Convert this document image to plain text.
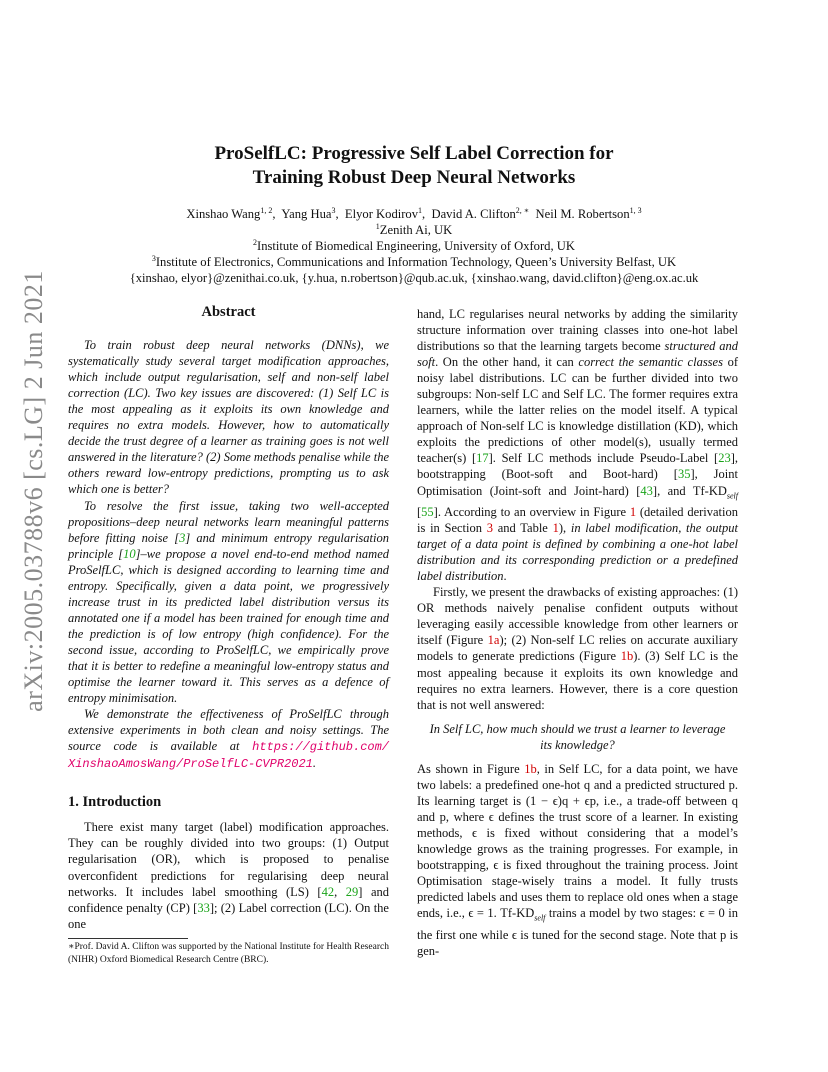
arXiv:2005.03788v6 [cs.LG] 2 Jun 2021
ProSelfLC: Progressive Self Label Correction for
Training Robust Deep Neural Networks
Xinshao Wang$^{1, 2}$,  Yang Hua$^3$,  Elyor Kodirov$^1$,  David A. Clifton$^{2, ∗}$ Neil M. Robertson$^{1, 3}$
$^1$Zenith Ai, UK
$^2$Institute of Biomedical Engineering, University of Oxford, UK
$^3$Institute of Electronics, Communications and Information Technology, Queen’s University Belfast, UK
{xinshao, elyor}@zenithai.co.uk, {y.hua, n.robertson}@qub.ac.uk, {xinshao.wang, david.clifton}@eng.ox.ac.uk
Abstract

To train robust deep neural networks (DNNs), we systematically study several target modification approaches, which include output regularisation, self and non-self label correction (LC). Two key issues are discovered: (1) Self LC is the most appealing as it exploits its own knowledge and requires no extra models. However, how to automatically decide the trust degree of a learner as training goes is not well answered in the literature? (2) Some methods penalise while the others reward low-entropy predictions, prompting us to ask which one is better?

To resolve the first issue, taking two well-accepted propositions–deep neural networks learn meaningful patterns before fitting noise [3] and minimum entropy regularisation principle [10]–we propose a novel end-to-end method named ProSelfLC, which is designed according to learning time and entropy. Specifically, given a data point, we progressively increase trust in its predicted label distribution versus its annotated one if a model has been trained for enough time and the prediction is of low entropy (high confidence). For the second issue, according to ProSelfLC, we empirically prove that it is better to redefine a meaningful low-entropy status and optimise the learner toward it. This serves as a defence of entropy minimisation.

We demonstrate the effectiveness of ProSelfLC through extensive experiments in both clean and noisy settings. The source code is available at https://github.com/ XinshaoAmosWang/ProSelfLC-CVPR2021.

1. Introduction

There exist many target (label) modification approaches. They can be roughly divided into two groups: (1) Output regularisation (OR), which is proposed to penalise overconfident predictions for regularising deep neural networks. It includes label smoothing (LS) [42, 29] and confidence penalty (CP) [33]; (2) Label correction (LC). On the one

∗Prof. David A. Clifton was supported by the National Institute for Health Research (NIHR) Oxford Biomedical Research Centre (BRC).

hand, LC regularises neural networks by adding the similarity structure information over training classes into one-hot label distributions so that the learning targets become structured and soft. On the other hand, it can correct the semantic classes of noisy label distributions. LC can be further divided into two subgroups: Non-self LC and Self LC. The former requires extra learners, while the latter relies on the model itself. A typical approach of Non-self LC is knowledge distillation (KD), which exploits the predictions of other model(s), usually termed teacher(s) [17]. Self LC methods include Pseudo-Label [23], bootstrapping (Boot-soft and Boot-hard) [35], Joint Optimisation (Joint-soft and Joint-hard) [43], and $Tf-KD_{self}$ [55]. According to an overview in Figure 1 (detailed derivation is in Section 3 and Table 1), in label modification, the output target of a data point is defined by combining a one-hot label distribution and its corresponding prediction or a predefined label distribution.

Firstly, we present the drawbacks of existing approaches: (1) OR methods naively penalise confident outputs without leveraging easily accessible knowledge from other learners or itself (Figure 1a); (2) Non-self LC relies on accurate auxiliary models to generate predictions (Figure 1b). (3) Self LC is the most appealing because it exploits its own knowledge and requires no extra learners. However, there is a core question that is not well answered:

In Self LC, how much should we trust a learner to leverage its knowledge?

As shown in Figure 1b, in Self LC, for a data point, we have two labels: a predefined one-hot q and a predicted structured p. Its learning target is (1 − ϵ)q + ϵp, i.e., a trade-off between q and p, where ϵ defines the trust score of a learner. In existing methods, ϵ is fixed without considering that a model’s knowledge grows as the training progresses. For example, in bootstrapping, ϵ is fixed throughout the training process. Joint Optimisation stage-wisely trains a model. It fully trusts predicted labels and uses them to replace old ones when a stage ends, i.e., ϵ = 1. $Tf-KD_{self}$ trains a model by two stages: ϵ = 0 in the first one while ϵ is tuned for the second stage. Note that p is gen-
